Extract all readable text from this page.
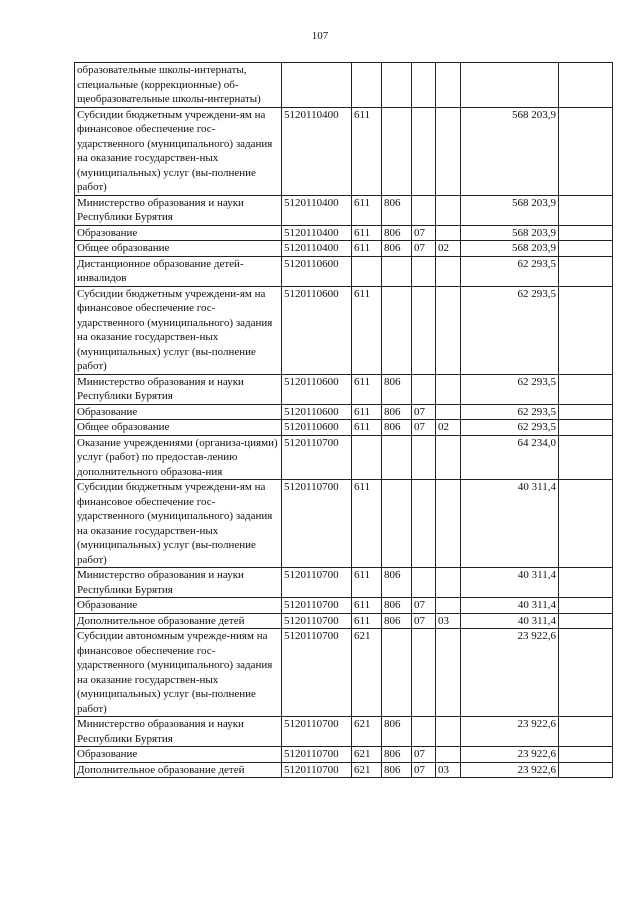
107
образовательные школы-интернаты, специальные (коррекционные) об-щеобразовательные школы-интернаты)							
Субсидии бюджетным учреждени-ям на финансовое обеспечение гос-ударственного (муниципального) задания на оказание государствен-ных (муниципальных) услуг (вы-полнение работ)	5120110400	611				568 203,9	
Министерство образования и науки Республики Бурятия	5120110400	611	806			568 203,9	
Образование	5120110400	611	806	07		568 203,9	
Общее образование	5120110400	611	806	07	02	568 203,9	
Дистанционное образование детей-инвалидов	5120110600					62 293,5	
Субсидии бюджетным учреждени-ям на финансовое обеспечение гос-ударственного (муниципального) задания на оказание государствен-ных (муниципальных) услуг (вы-полнение работ)	5120110600	611				62 293,5	
Министерство образования и науки Республики Бурятия	5120110600	611	806			62 293,5	
Образование	5120110600	611	806	07		62 293,5	
Общее образование	5120110600	611	806	07	02	62 293,5	
Оказание учреждениями (организа-циями) услуг (работ) по предостав-лению дополнительного образова-ния	5120110700					64 234,0	
Субсидии бюджетным учреждени-ям на финансовое обеспечение гос-ударственного (муниципального) задания на оказание государствен-ных (муниципальных) услуг (вы-полнение работ)	5120110700	611				40 311,4	
Министерство образования и науки Республики Бурятия	5120110700	611	806			40 311,4	
Образование	5120110700	611	806	07		40 311,4	
Дополнительное образование детей	5120110700	611	806	07	03	40 311,4	
Субсидии автономным учрежде-ниям на финансовое обеспечение гос-ударственного (муниципального) задания на оказание государствен-ных (муниципальных) услуг (вы-полнение работ)	5120110700	621				23 922,6	
Министерство образования и науки Республики Бурятия	5120110700	621	806			23 922,6	
Образование	5120110700	621	806	07		23 922,6	
Дополнительное образование детей	5120110700	621	806	07	03	23 922,6	
